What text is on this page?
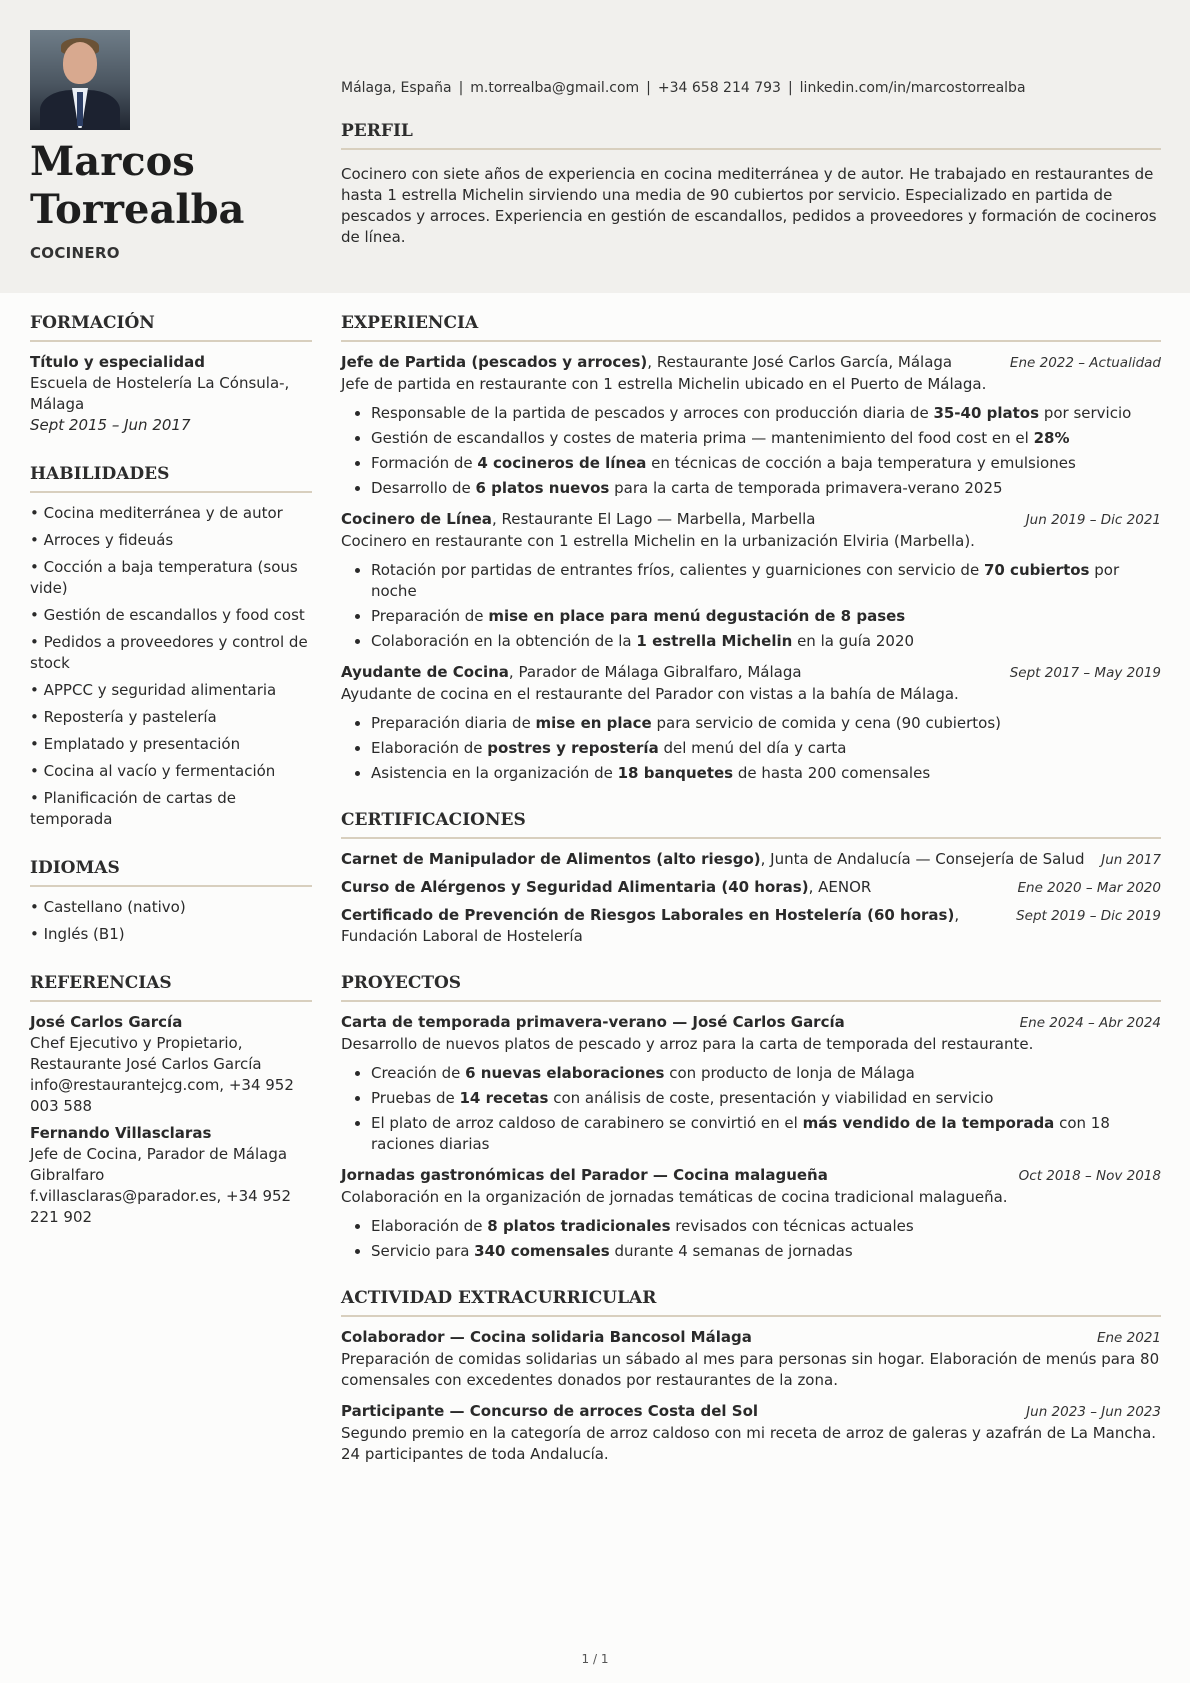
Marcos
Torrealba
COCINERO
Málaga, España | m.torrealba@gmail.com | +34 658 214 793 | linkedin.com/in/marcostorrealba
PERFIL
Cocinero con siete años de experiencia en cocina mediterránea y de autor. He trabajado en restaurantes de hasta 1 estrella Michelin sirviendo una media de 90 cubiertos por servicio. Especializado en partida de pescados y arroces. Experiencia en gestión de escandallos, pedidos a proveedores y formación de cocineros de línea.
FORMACIÓN
Título y especialidad
Escuela de Hostelería La Cónsula-, Málaga
Sept 2015 – Jun 2017
HABILIDADES
• Cocina mediterránea y de autor
• Arroces y fideuás
• Cocción a baja temperatura (sous vide)
• Gestión de escandallos y food cost
• Pedidos a proveedores y control de stock
• APPCC y seguridad alimentaria
• Repostería y pastelería
• Emplatado y presentación
• Cocina al vacío y fermentación
• Planificación de cartas de temporada
IDIOMAS
• Castellano (nativo)
• Inglés (B1)
REFERENCIAS
José Carlos García
Chef Ejecutivo y Propietario, Restaurante José Carlos García
info@restaurantejcg.com, +34 952 003 588
Fernando Villasclaras
Jefe de Cocina, Parador de Málaga Gibralfaro
f.villasclaras@parador.es, +34 952 221 902
EXPERIENCIA
Jefe de Partida (pescados y arroces), Restaurante José Carlos García, Málaga	Ene 2022 – Actualidad
Jefe de partida en restaurante con 1 estrella Michelin ubicado en el Puerto de Málaga.
• Responsable de la partida de pescados y arroces con producción diaria de 35-40 platos por servicio
• Gestión de escandallos y costes de materia prima — mantenimiento del food cost en el 28%
• Formación de 4 cocineros de línea en técnicas de cocción a baja temperatura y emulsiones
• Desarrollo de 6 platos nuevos para la carta de temporada primavera-verano 2025
Cocinero de Línea, Restaurante El Lago — Marbella, Marbella	Jun 2019 – Dic 2021
Cocinero en restaurante con 1 estrella Michelin en la urbanización Elviria (Marbella).
• Rotación por partidas de entrantes fríos, calientes y guarniciones con servicio de 70 cubiertos por noche
• Preparación de mise en place para menú degustación de 8 pases
• Colaboración en la obtención de la 1 estrella Michelin en la guía 2020
Ayudante de Cocina, Parador de Málaga Gibralfaro, Málaga	Sept 2017 – May 2019
Ayudante de cocina en el restaurante del Parador con vistas a la bahía de Málaga.
• Preparación diaria de mise en place para servicio de comida y cena (90 cubiertos)
• Elaboración de postres y repostería del menú del día y carta
• Asistencia en la organización de 18 banquetes de hasta 200 comensales
CERTIFICACIONES
Carnet de Manipulador de Alimentos (alto riesgo), Junta de Andalucía — Consejería de Salud Jun 2017
Curso de Alérgenos y Seguridad Alimentaria (40 horas), AENOR	Ene 2020 – Mar 2020
Certificado de Prevención de Riesgos Laborales en Hostelería (60 horas), Fundación Laboral de Hostelería
Sept 2019 – Dic 2019
PROYECTOS
Carta de temporada primavera-verano — José Carlos García	Ene 2024 – Abr 2024
Desarrollo de nuevos platos de pescado y arroz para la carta de temporada del restaurante.
• Creación de 6 nuevas elaboraciones con producto de lonja de Málaga
• Pruebas de 14 recetas con análisis de coste, presentación y viabilidad en servicio
• El plato de arroz caldoso de carabinero se convirtió en el más vendido de la temporada con 18 raciones diarias
Jornadas gastronómicas del Parador — Cocina malagueña	Oct 2018 – Nov 2018
Colaboración en la organización de jornadas temáticas de cocina tradicional malagueña.
• Elaboración de 8 platos tradicionales revisados con técnicas actuales
• Servicio para 340 comensales durante 4 semanas de jornadas
ACTIVIDAD EXTRACURRICULAR
Colaborador — Cocina solidaria Bancosol Málaga	Ene 2021
Preparación de comidas solidarias un sábado al mes para personas sin hogar. Elaboración de menús para 80 comensales con excedentes donados por restaurantes de la zona.
Participante — Concurso de arroces Costa del Sol	Jun 2023 – Jun 2023
Segundo premio en la categoría de arroz caldoso con mi receta de arroz de galeras y azafrán de La Mancha. 24 participantes de toda Andalucía.
1 / 1
